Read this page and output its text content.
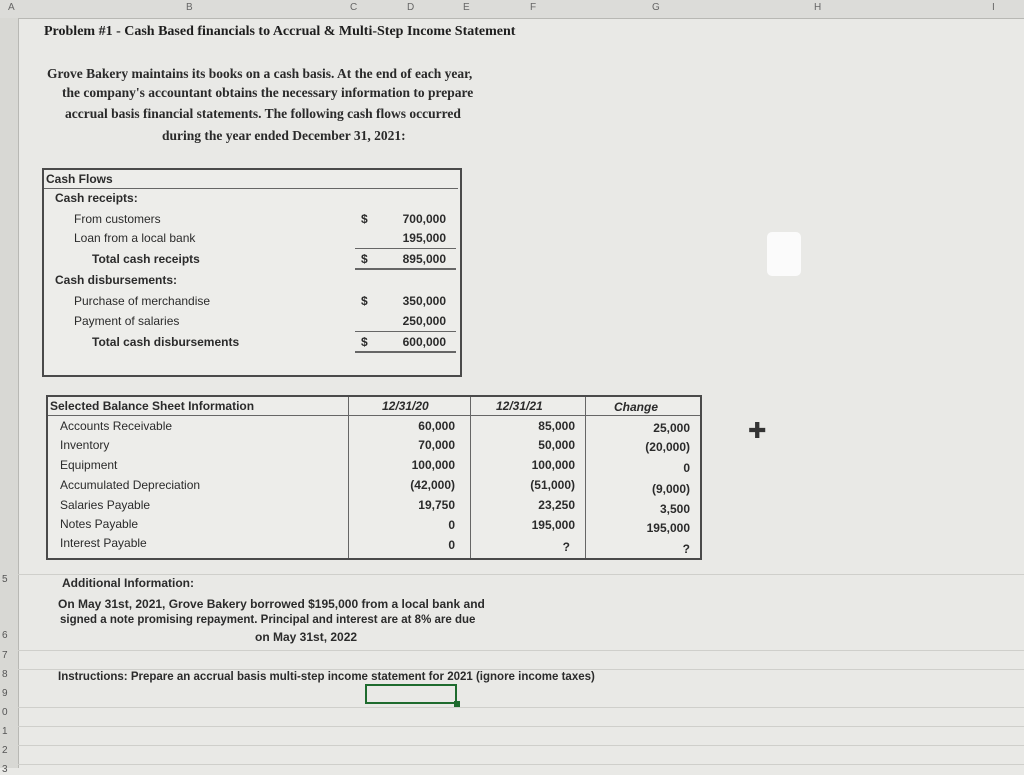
A	B	C	D	E	F	G	H	I
5
6
7
8
9
0
1
2
3
Problem #1 - Cash Based financials to Accrual & Multi-Step Income Statement
Grove Bakery maintains its books on a cash basis. At the end of each year,
the company's accountant obtains the necessary information to prepare
accrual basis financial statements. The following cash flows occurred
during the year ended December 31, 2021:
Cash Flows
Cash receipts:
From customers	$	700,000
Loan from a local bank	195,000
Total cash receipts	$	895,000
Cash disbursements:
Purchase of merchandise	$	350,000
Payment of salaries	250,000
Total cash disbursements	$	600,000
Selected Balance Sheet Information	12/31/20	12/31/21	Change
Accounts Receivable	60,000	85,000	25,000
Inventory	70,000	50,000	(20,000)
Equipment	100,000	100,000	0
Accumulated Depreciation	(42,000)	(51,000)	(9,000)
Salaries Payable	19,750	23,250	3,500
Notes Payable	0	195,000	195,000
Interest Payable	0	?	?
Additional Information:
On May 31st, 2021, Grove Bakery borrowed $195,000 from a local bank and
signed a note promising repayment. Principal and interest are at 8% are due
on May 31st, 2022
Instructions: Prepare an accrual basis multi-step income statement for 2021 (ignore income taxes)
✚
